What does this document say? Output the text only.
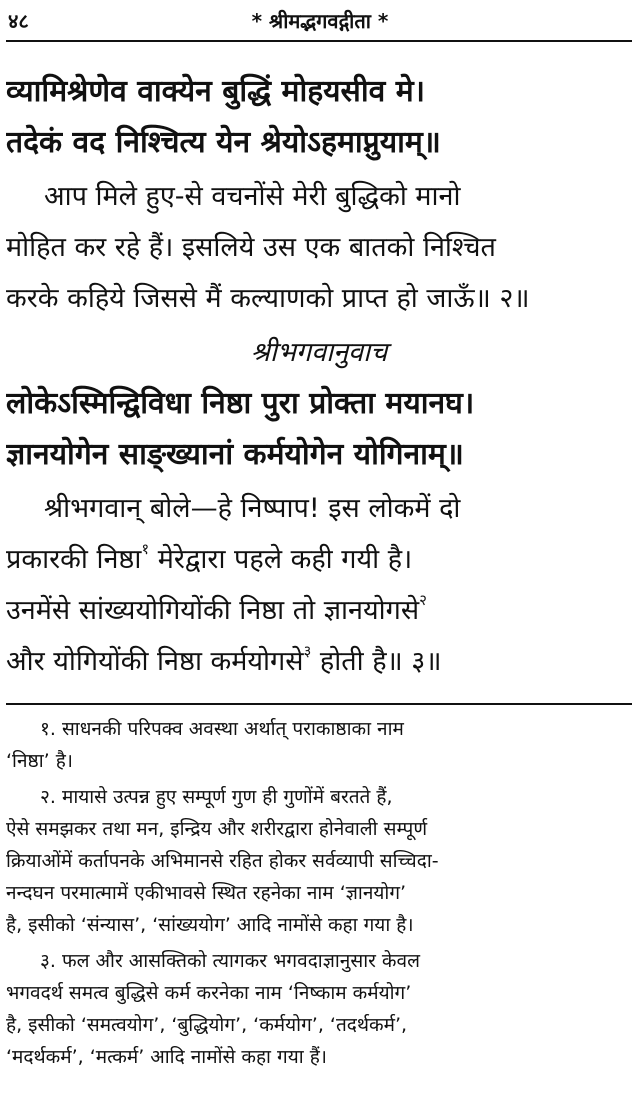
४८	* श्रीमद्भगवद्गीता *
व्यामिश्रेणेव वाक्येन बुद्धिं मोहयसीव मे।
तदेकं वद निश्चित्य येन श्रेयोऽहमाप्नुयाम्॥
आप मिले हुए-से वचनोंसे मेरी बुद्धिको मानो
मोहित कर रहे हैं। इसलिये उस एक बातको निश्चित
करके कहिये जिससे मैं कल्याणको प्राप्त हो जाऊँ॥ २॥
श्रीभगवानुवाच
लोकेऽस्मिन्द्विविधा निष्ठा पुरा प्रोक्ता मयानघ।
ज्ञानयोगेन साङ्ख्यानां कर्मयोगेन योगिनाम्॥
श्रीभगवान् बोले—हे निष्पाप! इस लोकमें दो
प्रकारकी निष्ठा$^१$ मेरेद्वारा पहले कही गयी है।
उनमेंसे सांख्ययोगियोंकी निष्ठा तो ज्ञानयोगसे$^२$
और योगियोंकी निष्ठा कर्मयोगसे$^३$ होती है॥ ३॥
१. साधनकी परिपक्व अवस्था अर्थात् पराकाष्ठाका नाम
‘निष्ठा’ है।
२. मायासे उत्पन्न हुए सम्पूर्ण गुण ही गुणोंमें बरतते हैं,
ऐसे समझकर तथा मन, इन्द्रिय और शरीरद्वारा होनेवाली सम्पूर्ण
क्रियाओंमें कर्तापनके अभिमानसे रहित होकर सर्वव्यापी सच्चिदा-
नन्दघन परमात्मामें एकीभावसे स्थित रहनेका नाम ‘ज्ञानयोग’
है, इसीको ‘संन्यास’, ‘सांख्ययोग’ आदि नामोंसे कहा गया है।
३. फल और आसक्तिको त्यागकर भगवदाज्ञानुसार केवल
भगवदर्थ समत्व बुद्धिसे कर्म करनेका नाम ‘निष्काम कर्मयोग’
है, इसीको ‘समत्वयोग’, ‘बुद्धियोग’, ‘कर्मयोग’, ‘तदर्थकर्म’,
‘मदर्थकर्म’, ‘मत्कर्म’ आदि नामोंसे कहा गया हैं।
